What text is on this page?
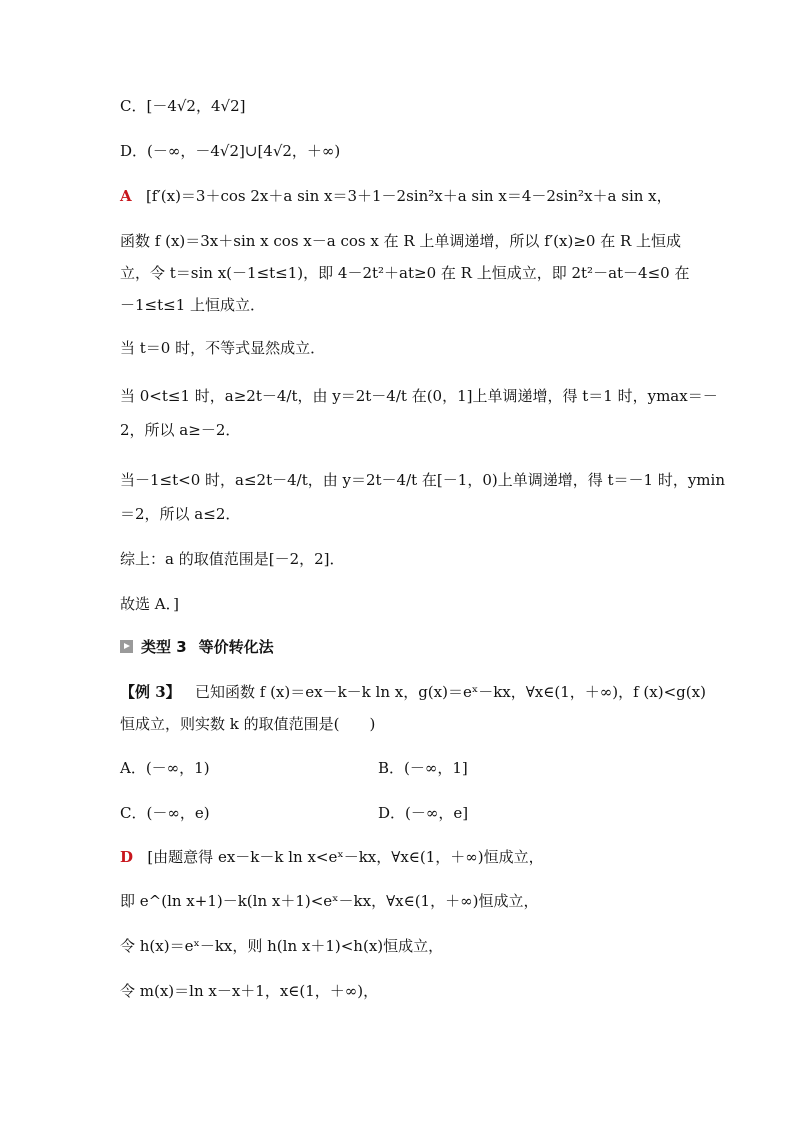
C．[－4√2，4√2]
D．(－∞，－4√2]∪[4√2，＋∞)
A [f′(x)＝3＋cos 2x＋a sin x＝3＋1－2sin²x＋a sin x＝4－2sin²x＋a sin x，
函数 f (x)＝3x＋sin x cos x－a cos x 在 R 上单调递增，所以 f′(x)≥0 在 R 上恒成
立，令 t＝sin x(－1≤t≤1)，即 4－2t²＋at≥0 在 R 上恒成立，即 2t²－at－4≤0 在
－1≤t≤1 上恒成立．
当 t＝0 时，不等式显然成立．
当 0<t≤1 时，a≥2t－4/t，由 y＝2t－4/t 在(0，1]上单调递增，得 t＝1 时，ymax＝－
2，所以 a≥－2．
当－1≤t<0 时，a≤2t－4/t，由 y＝2t－4/t 在[－1，0)上单调递增，得 t＝－1 时，ymin
＝2，所以 a≤2．
综上：a 的取值范围是[－2，2]．
故选 A．]
类型 3 等价转化法
【例 3】 已知函数 f (x)＝ex－k－k ln x，g(x)＝eˣ－kx，∀x∈(1，＋∞)，f (x)<g(x)
恒成立，则实数 k 的取值范围是(　　)
A．(－∞，1)	B．(－∞，1]
C．(－∞，e)	D．(－∞，e]
D [由题意得 ex－k－k ln x<eˣ－kx，∀x∈(1，＋∞)恒成立，
即 e^(ln x+1)－k(ln x＋1)<eˣ－kx，∀x∈(1，＋∞)恒成立，
令 h(x)＝eˣ－kx，则 h(ln x＋1)<h(x)恒成立，
令 m(x)＝ln x－x＋1，x∈(1，＋∞)，
